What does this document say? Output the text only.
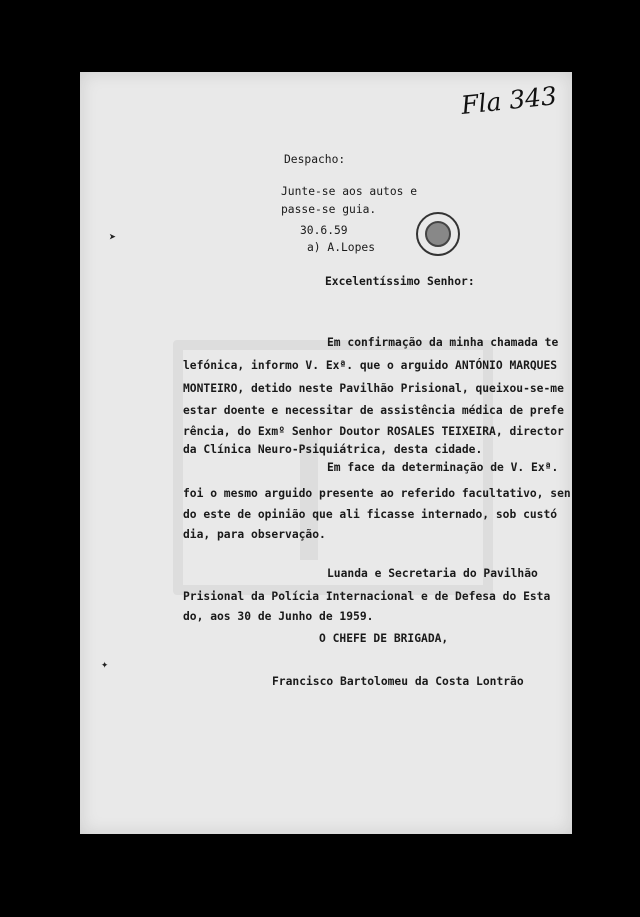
Fla 343
Despacho:
Junte-se aos autos e
passe-se guia.
30.6.59
a) A.Lopes
➤
✦
Excelentíssimo Senhor:
Em confirmação da minha chamada te
lefónica, informo V. Exª. que o arguido ANTÓNIO MARQUES
MONTEIRO, detido neste Pavilhão Prisional, queixou-se-me
estar doente e necessitar de assistência médica de prefe
rência, do Exmº Senhor Doutor ROSALES TEIXEIRA, director
da Clínica Neuro-Psiquiátrica, desta cidade.
Em face da determinação de V. Exª.
foi o mesmo arguido presente ao referido facultativo, sen
do este de opinião que ali ficasse internado, sob custó
dia, para observação.
Luanda e Secretaria do Pavilhão
Prisional da Polícia Internacional e de Defesa do Esta
do, aos 30 de Junho de 1959.
O CHEFE DE BRIGADA,
Francisco Bartolomeu da Costa Lontrão
